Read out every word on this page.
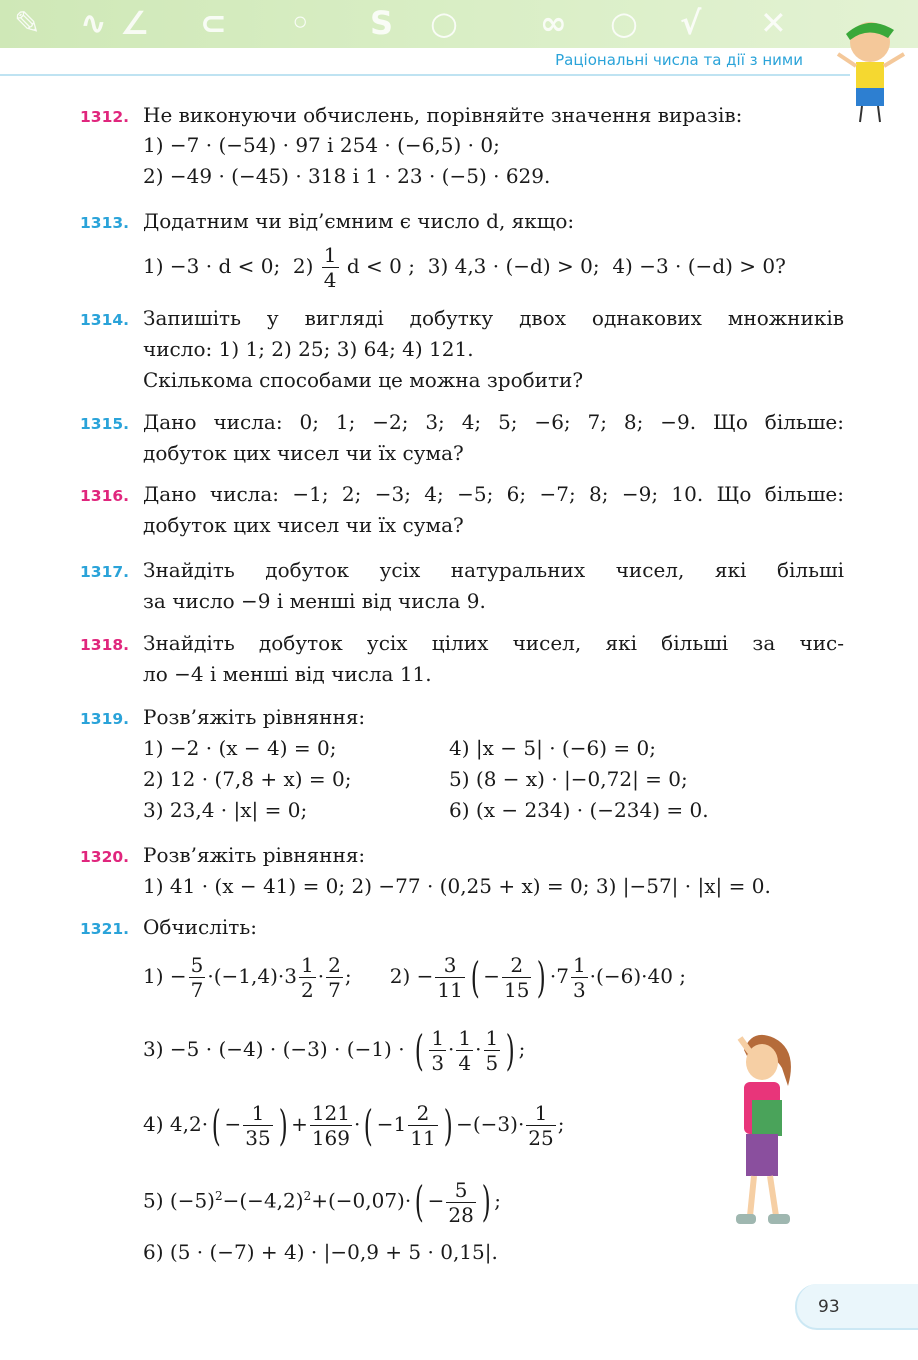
✎ ∿ ∠ ⊂ ◦ S ○	∞ ○ √ ✕
Раціональні числа та дії з ними
1312. Не виконуючи обчислень, порівняйте значення виразів:
1) −7 · (−54) · 97 і 254 · (−6,5) · 0;
2) −49 · (−45) · 318 і 1 · 23 · (−5) · 629.
1313. Додатним чи від’ємним є число d, якщо:
1) −3 · d < 0; $2) \frac{1}{4}$ d < 0 ; 3) 4,3 · (−d) > 0; 4) −3 · (−d) > 0?
1314. Запишіть у вигляді добутку двох однакових множників
число: 1) 1; 2) 25; 3) 64; 4) 121.
Скількома способами це можна зробити?
1315. Дано числа: 0; 1; −2; 3; 4; 5; −6; 7; 8; −9. Що більше:
добуток цих чисел чи їх сума?
1316. Дано числа: −1; 2; −3; 4; −5; 6; −7; 8; −9; 10. Що більше:
добуток цих чисел чи їх сума?
1317. Знайдіть добуток усіх натуральних чисел, які більші
за число −9 і менші від числа 9.
1318. Знайдіть добуток усіх цілих чисел, які більші за чис-
ло −4 і менші від числа 11.
1319. Розв’яжіть рівняння:
1) −2 · (x − 4) = 0;
2) 12 · (7,8 + x) = 0;
3) 23,4 · |x| = 0;
4) |x − 5| · (−6) = 0;
5) (8 − x) · |−0,72| = 0;
6) (x − 234) · (−234) = 0.
1320. Розв’яжіть рівняння:
1) 41 · (x − 41) = 0; 2) −77 · (0,25 + x) = 0; 3) |−57| · |x| = 0.
1321. Обчисліть:
$1) - \frac{5}{7} \cdot(-1,4)\cdot 3 \frac{1}{2} \cdot \frac{2}{7}$ ; $2) - \frac{3}{11}$ ( − $\frac{2}{15}$ ) $\cdot 7 \frac{1}{3} \cdot(-6)\cdot 40$ ;
3) −5 · (−4) · (−3) · (−1) · ( $\frac{1}{3} \cdot \frac{1}{4} \cdot \frac{1}{5}$ ) ;
4) $4,2\cdot( - \frac{1}{35}$ ) + $\frac{121}{169}$ ·( $-1 \frac{2}{11}$ ) $-(-3)\cdot \frac{1}{25}$ ;
5) $(-5)^2-(-4,2)^2+(-0,07)\cdot( - \frac{5}{28}$ ) ;
6) (5 · (−7) + 4) · |−0,9 + 5 · 0,15|.
93
